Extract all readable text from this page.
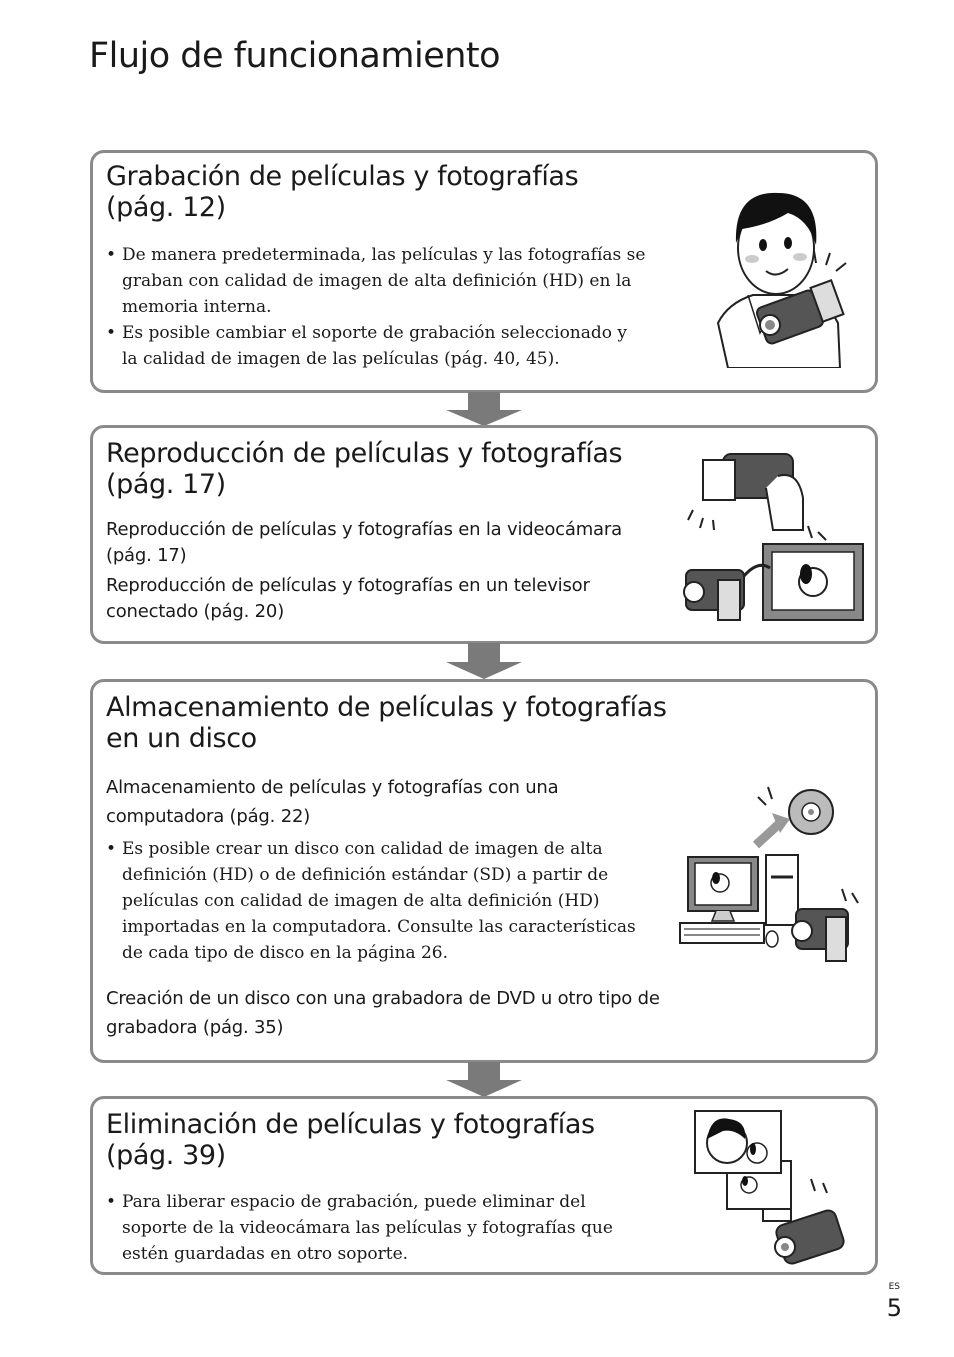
Flujo de funcionamiento
Grabación de películas y fotografías
(pág. 12)
• De manera predeterminada, las películas y las fotografías se graban con calidad de imagen de alta definición (HD) en la memoria interna.
• Es posible cambiar el soporte de grabación seleccionado y la calidad de imagen de las películas (pág. 40, 45).
Reproducción de películas y fotografías
(pág. 17)

Reproducción de películas y fotografías en la videocámara (pág. 17)

Reproducción de películas y fotografías en un televisor conectado (pág. 20)

Almacenamiento de películas y fotografías
en un disco

Almacenamiento de películas y fotografías con una computadora (pág. 22)

• Es posible crear un disco con calidad de imagen de alta definición (HD) o de definición estándar (SD) a partir de películas con calidad de imagen de alta definición (HD) importadas en la computadora. Consulte las características de cada tipo de disco en la página 26.

Creación de un disco con una grabadora de DVD u otro tipo de grabadora (pág. 35)

Eliminación de películas y fotografías
(pág. 39)
• Para liberar espacio de grabación, puede eliminar del soporte de la videocámara las películas y fotografías que estén guardadas en otro soporte.
ES
5
